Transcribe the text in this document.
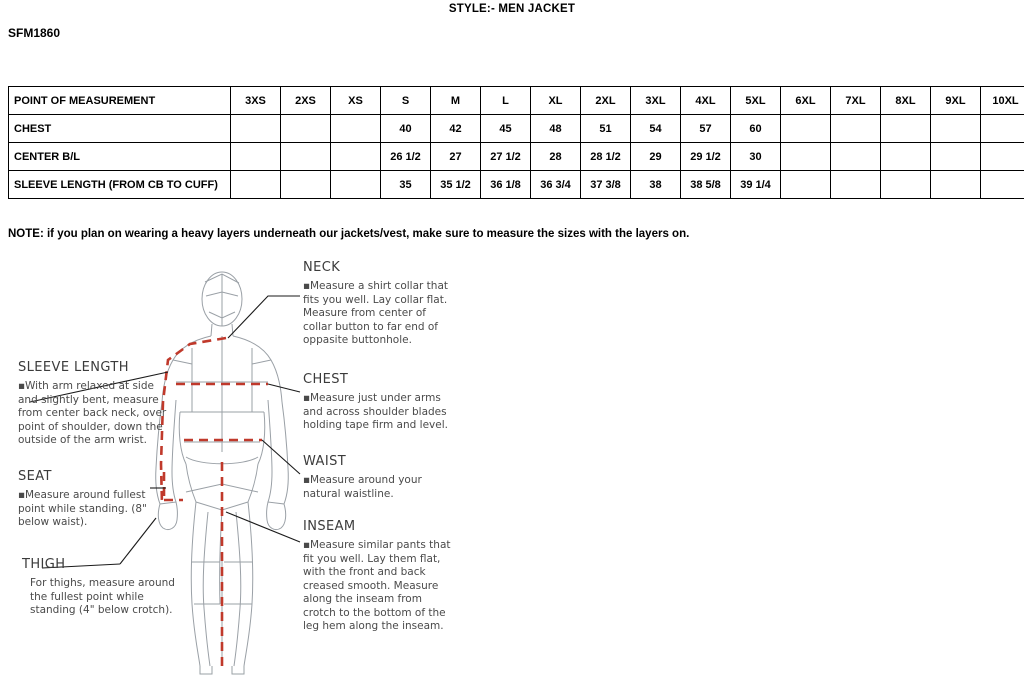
STYLE:- MEN JACKET
SFM1860
POINT OF MEASUREMENT	3XS	2XS	XS	S	M	L	XL	2XL	3XL	4XL	5XL	6XL	7XL	8XL	9XL	10XL
CHEST				40	42	45	48	51	54	57	60					
CENTER B/L				26 1/2	27	27 1/2	28	28 1/2	29	29 1/2	30					
SLEEVE LENGTH (FROM CB TO CUFF)				35	35 1/2	36 1/8	36 3/4	37 3/8	38	38 5/8	39 1/4					
NOTE: if you plan on wearing a heavy layers underneath our jackets/vest, make sure to measure the sizes with the layers on.
NECK
▪Measure a shirt collar that fits you well. Lay collar flat. Measure from center of collar button to far end of oppasite buttonhole.
CHEST
▪Measure just under arms and across shoulder blades holding tape firm and level.
WAIST
▪Measure around your natural waistline.
INSEAM
▪Measure similar pants that fit you well. Lay them flat, with the front and back creased smooth. Measure along the inseam from crotch to the bottom of the leg hem along the inseam.
SLEEVE LENGTH
▪With arm relaxed at side and slightly bent, measure from center back neck, over point of shoulder, down the outside of the arm wrist.
SEAT
▪Measure around fullest point while standing. (8" below waist).
THIGH
For thighs, measure around the fullest point while standing (4" below crotch).
